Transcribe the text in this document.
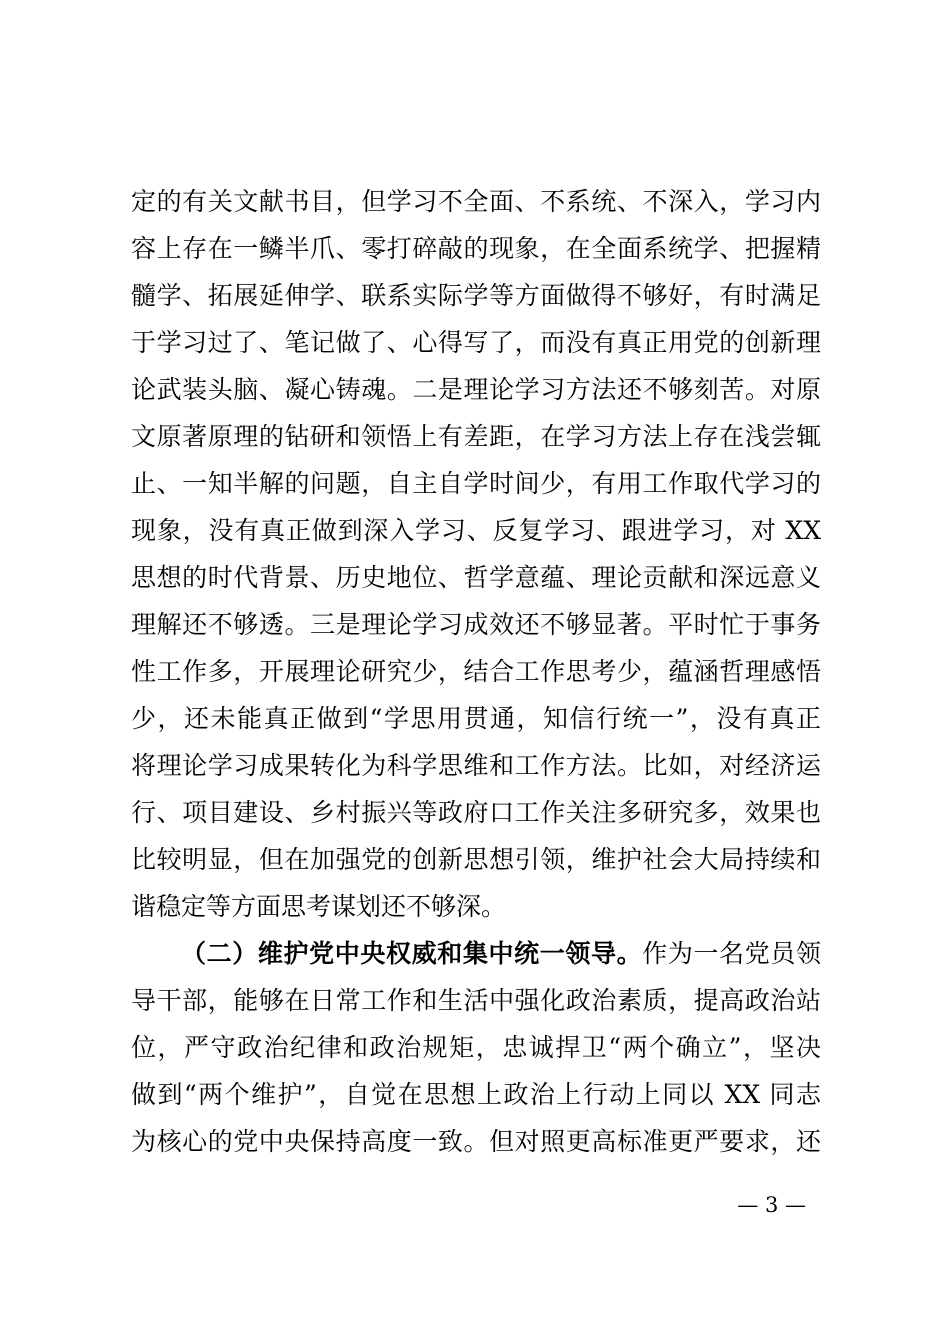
定的有关文献书目，但学习不全面、不系统、不深入，学习内
容上存在一鳞半爪、零打碎敲的现象，在全面系统学、把握精
髓学、拓展延伸学、联系实际学等方面做得不够好，有时满足
于学习过了、笔记做了、心得写了，而没有真正用党的创新理
论武装头脑、凝心铸魂。二是理论学习方法还不够刻苦。对原
文原著原理的钻研和领悟上有差距，在学习方法上存在浅尝辄
止、一知半解的问题，自主自学时间少，有用工作取代学习的
现象，没有真正做到深入学习、反复学习、跟进学习，对 XX
思想的时代背景、历史地位、哲学意蕴、理论贡献和深远意义
理解还不够透。三是理论学习成效还不够显著。平时忙于事务
性工作多，开展理论研究少，结合工作思考少，蕴涵哲理感悟
少，还未能真正做到“学思用贯通，知信行统一”，没有真正
将理论学习成果转化为科学思维和工作方法。比如，对经济运
行、项目建设、乡村振兴等政府口工作关注多研究多，效果也
比较明显，但在加强党的创新思想引领，维护社会大局持续和
谐稳定等方面思考谋划还不够深。
（二）维护党中央权威和集中统一领导。作为一名党员领
导干部，能够在日常工作和生活中强化政治素质，提高政治站
位，严守政治纪律和政治规矩，忠诚捍卫“两个确立”，坚决
做到“两个维护”，自觉在思想上政治上行动上同以 XX 同志
为核心的党中央保持高度一致。但对照更高标准更严要求，还
— 3 —
